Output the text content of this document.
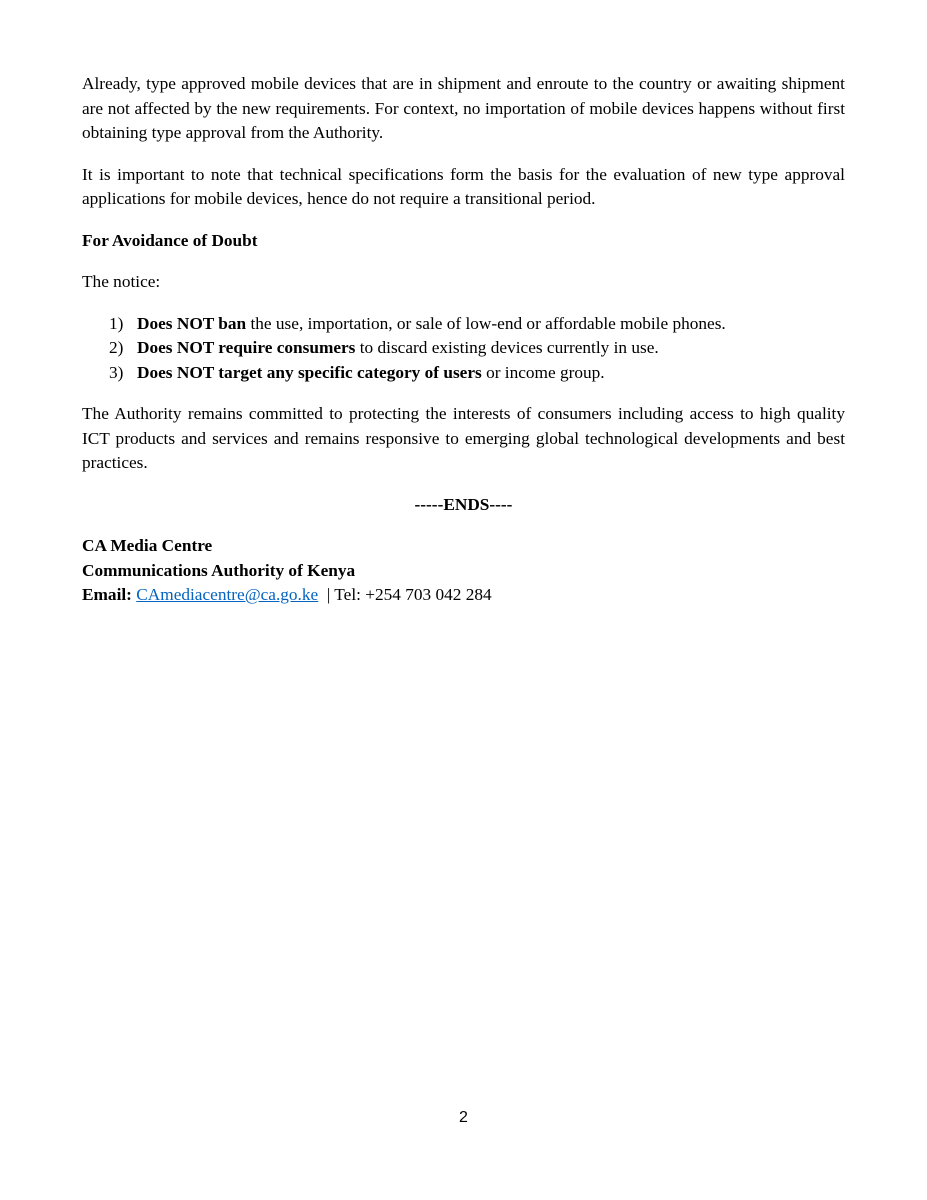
Already, type approved mobile devices that are in shipment and enroute to the country or awaiting shipment are not affected by the new requirements. For context, no importation of mobile devices happens without first obtaining type approval from the Authority.

It is important to note that technical specifications form the basis for the evaluation of new type approval applications for mobile devices, hence do not require a transitional period.

For Avoidance of Doubt

The notice:

1) Does NOT ban the use, importation, or sale of low-end or affordable mobile phones.
2) Does NOT require consumers to discard existing devices currently in use.
3) Does NOT target any specific category of users or income group.

The Authority remains committed to protecting the interests of consumers including access to high quality ICT products and services and remains responsive to emerging global technological developments and best practices.

-----ENDS----

CA Media Centre
Communications Authority of Kenya
Email: CAmediacentre@ca.go.ke | Tel: +254 703 042 284
2
